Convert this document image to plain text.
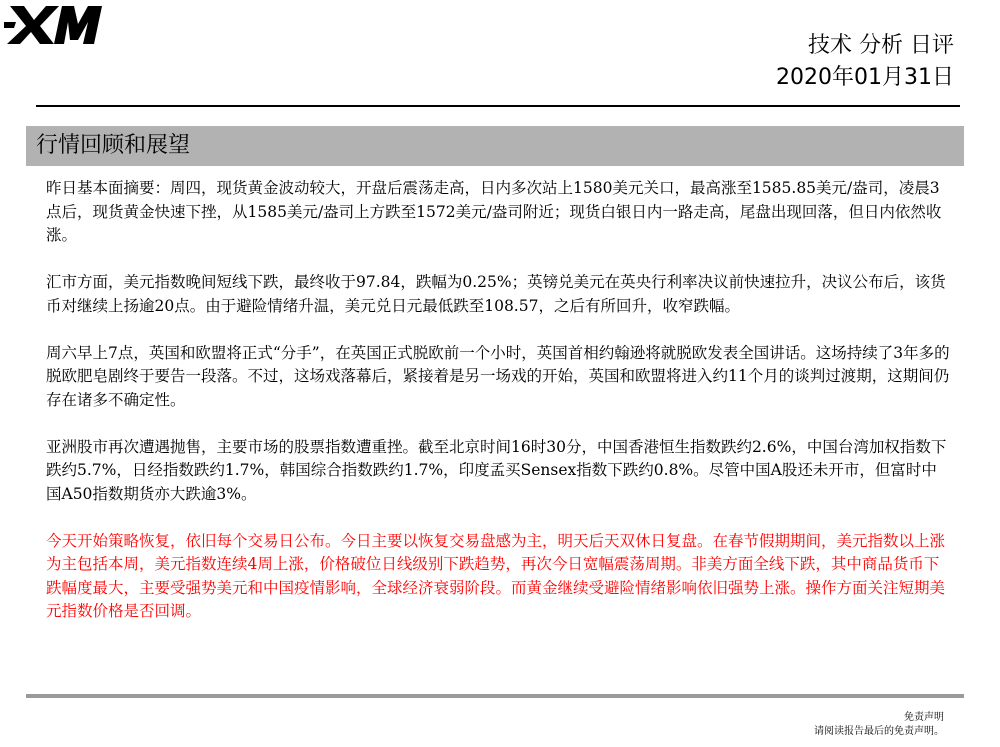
技术 分析 日评
2020年01月31日
行情回顾和展望

昨日基本面摘要：周四，现货黄金波动较大，开盘后震荡走高，日内多次站上1580美元关口，最高涨至1585.85美元/盎司，凌晨3点后，现货黄金快速下挫，从1585美元/盎司上方跌至1572美元/盎司附近；现货白银日内一路走高，尾盘出现回落，但日内依然收涨。

汇市方面，美元指数晚间短线下跌，最终收于97.84，跌幅为0.25%；英镑兑美元在英央行利率决议前快速拉升，决议公布后，该货币对继续上扬逾20点。由于避险情绪升温，美元兑日元最低跌至108.57，之后有所回升，收窄跌幅。

周六早上7点，英国和欧盟将正式“分手”，在英国正式脱欧前一个小时，英国首相约翰逊将就脱欧发表全国讲话。这场持续了3年多的脱欧肥皂剧终于要告一段落。不过，这场戏落幕后，紧接着是另一场戏的开始，英国和欧盟将进入约11个月的谈判过渡期，这期间仍存在诸多不确定性。

亚洲股市再次遭遇抛售，主要市场的股票指数遭重挫。截至北京时间16时30分，中国香港恒生指数跌约2.6%，中国台湾加权指数下跌约5.7%，日经指数跌约1.7%，韩国综合指数跌约1.7%，印度孟买Sensex指数下跌约0.8%。尽管中国A股还未开市，但富时中国A50指数期货亦大跌逾3%。

今天开始策略恢复，依旧每个交易日公布。今日主要以恢复交易盘感为主，明天后天双休日复盘。在春节假期期间，美元指数以上涨为主包括本周，美元指数连续4周上涨，价格破位日线级别下跌趋势，再次今日宽幅震荡周期。非美方面全线下跌，其中商品货币下跌幅度最大，主要受强势美元和中国疫情影响，全球经济衰弱阶段。而黄金继续受避险情绪影响依旧强势上涨。操作方面关注短期美元指数价格是否回调。

免责声明
请阅读报告最后的免责声明。
